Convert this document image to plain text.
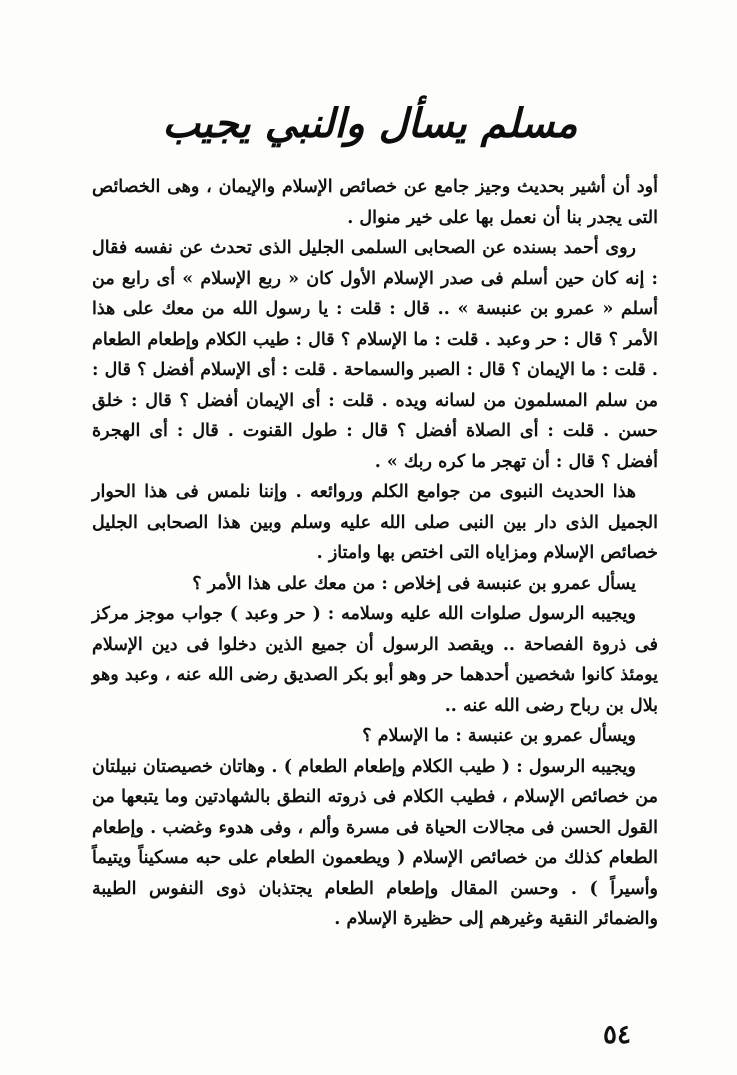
مسلم يسأل والنبي يجيب

أود أن أشير بحديث وجيز جامع عن خصائص الإسلام والإيمان ، وهى الخصائص التى يجدر بنا أن نعمل بها على خير منوال .

روى أحمد بسنده عن الصحابى السلمى الجليل الذى تحدث عن نفسه فقال : إنه كان حين أسلم فى صدر الإسلام الأول كان « ربع الإسلام » أى رابع من أسلم « عمرو بن عنبسة » .. قال : قلت : يا رسول الله من معك على هذا الأمر ؟ قال : حر وعبد . قلت : ما الإسلام ؟ قال : طيب الكلام وإطعام الطعام . قلت : ما الإيمان ؟ قال : الصبر والسماحة . قلت : أى الإسلام أفضل ؟ قال : من سلم المسلمون من لسانه ويده . قلت : أى الإيمان أفضل ؟ قال : خلق حسن . قلت : أى الصلاة أفضل ؟ قال : طول القنوت . قال : أى الهجرة أفضل ؟ قال : أن تهجر ما كره ربك » .

هذا الحديث النبوى من جوامع الكلم وروائعه . وإننا نلمس فى هذا الحوار الجميل الذى دار بين النبى صلى الله عليه وسلم وبين هذا الصحابى الجليل خصائص الإسلام ومزاياه التى اختص بها وامتاز .

يسأل عمرو بن عنبسة فى إخلاص : من معك على هذا الأمر ؟

ويجيبه الرسول صلوات الله عليه وسلامه : ( حر وعبد ) جواب موجز مركز فى ذروة الفصاحة .. ويقصد الرسول أن جميع الذين دخلوا فى دين الإسلام يومئذ كانوا شخصين أحدهما حر وهو أبو بكر الصديق رضى الله عنه ، وعبد وهو بلال بن رباح رضى الله عنه ..

ويسأل عمرو بن عنبسة : ما الإسلام ؟

ويجيبه الرسول : ( طيب الكلام وإطعام الطعام ) . وهاتان خصيصتان نبيلتان من خصائص الإسلام ، فطيب الكلام فى ذروته النطق بالشهادتين وما يتبعها من القول الحسن فى مجالات الحياة فى مسرة وألم ، وفى هدوء وغضب . وإطعام الطعام كذلك من خصائص الإسلام ( ويطعمون الطعام على حبه مسكيناً ويتيماً وأسيراً ) . وحسن المقال وإطعام الطعام يجتذبان ذوى النفوس الطيبة والضمائر النقية وغيرهم إلى حظيرة الإسلام .

٥٤
